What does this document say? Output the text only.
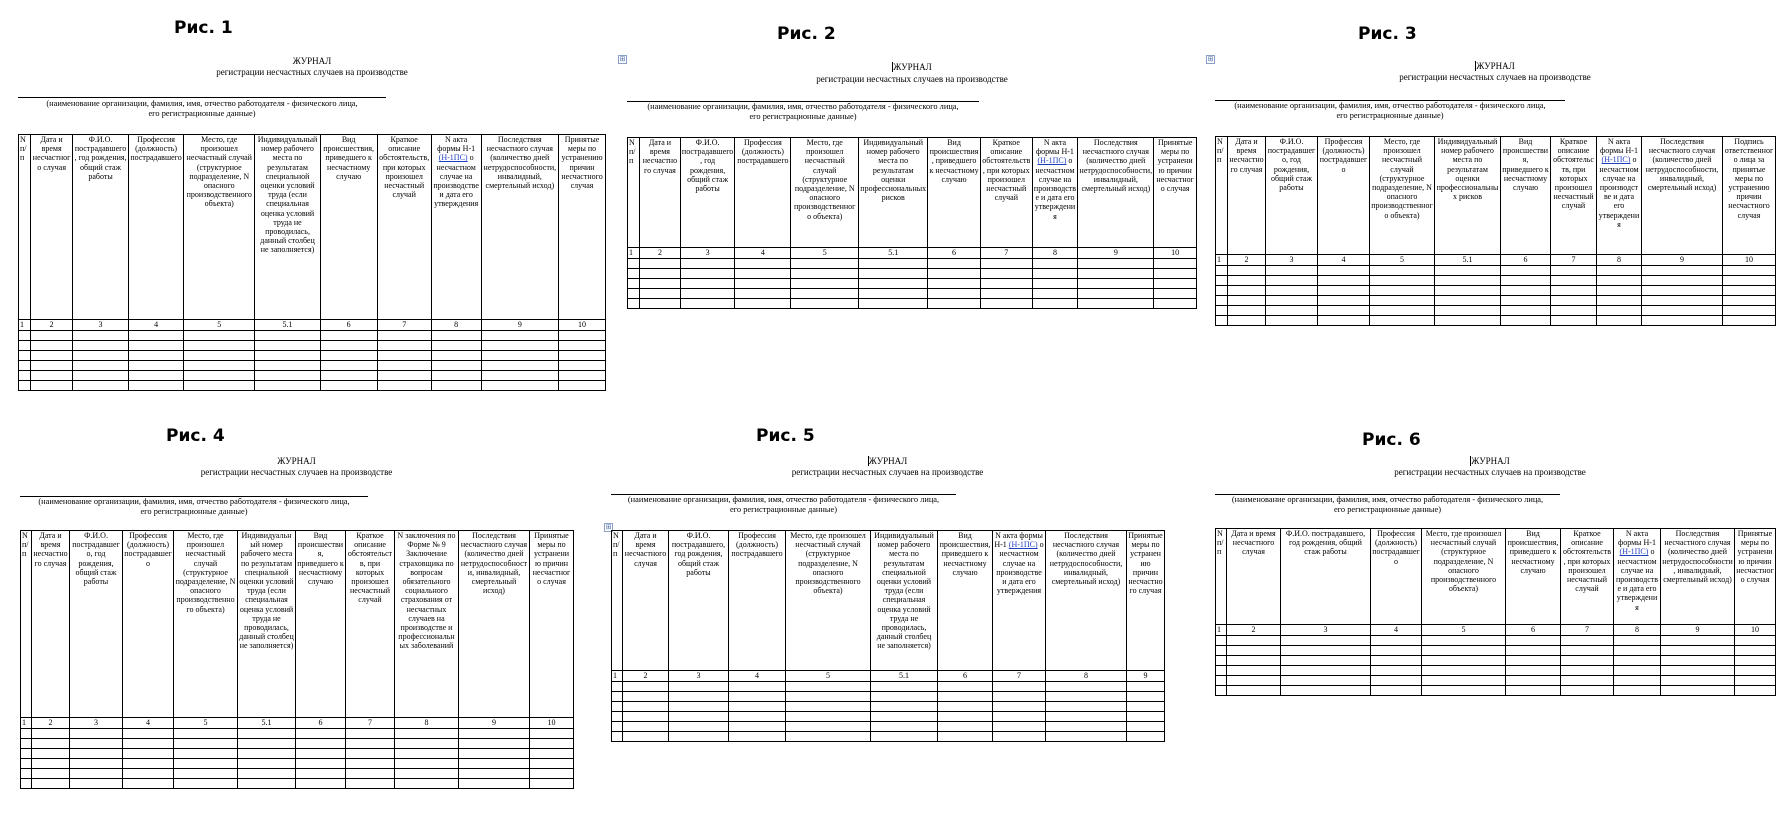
Рис. 1
ЖУРНАЛ
регистрации несчастных случаев на производстве
(наименование организации, фамилия, имя, отчество работодателя - физического лица,
его регистрационные данные)
N п/п	Дата и время несчастного случая	Ф.И.О. пострадавшего, год рождения, общий стаж работы	Профессия (должность) пострадавшего	Место, где произошел несчастный случай (структурное подразделение, N опасного производственного объекта)	Индивидуальный номер рабочего места по результатам специальной оценки условий труда (если специальная оценка условий труда не проводилась, данный столбец не заполняется)	Вид происшествия, приведшего к несчастному случаю	Краткое описание обстоятельств, при которых произошел несчастный случай	N акта формы Н-1 (Н-1ПС) о несчастном случае на производстве и дата его утверждения	Последствия несчастного случая (количество дней нетрудоспособности, инвалидный, смертельный исход)	Принятые меры по устранению причин несчастного случая
1	2	3	4	5	5.1	6	7	8	9	10

Рис. 2
⊞
ЖУРНАЛ
регистрации несчастных случаев на производстве
(наименование организации, фамилия, имя, отчество работодателя - физического лица,
его регистрационные данные)
N п/п	Дата и время несчастного случая	Ф.И.О. пострадавшего, год рождения, общий стаж работы	Профессия (должность) пострадавшего	Место, где произошел несчастный случай (структурное подразделение, N опасного производственного объекта)	Индивидуальный номер рабочего места по результатам оценки профессиональных рисков	Вид происшествия, приведшего к несчастному случаю	Краткое описание обстоятельств, при которых произошел несчастный случай	N акта формы Н-1 (Н-1ПС) о несчастном случае на производстве и дата его утверждения	Последствия несчастного случая (количество дней нетрудоспособности, инвалидный, смертельный исход)	Принятые меры по устранению причин несчастного случая
1	2	3	4	5	5.1	6	7	8	9	10

Рис. 3
⊞
ЖУРНАЛ
регистрации несчастных случаев на производстве
(наименование организации, фамилия, имя, отчество работодателя - физического лица,
его регистрационные данные)
N п/п	Дата и время несчастного случая	Ф.И.О. пострадавшего, год рождения, общий стаж работы	Профессия (должность) пострадавшего	Место, где произошел несчастный случай (структурное подразделение, N опасного производственного объекта)	Индивидуальный номер рабочего места по результатам оценки профессиональных рисков	Вид происшествия, приведшего к несчастному случаю	Краткое описание обстоятельств, при которых произошел несчастный случай	N акта формы Н-1 (Н-1ПС) о несчастном случае на производстве и дата его утверждения	Последствия несчастного случая (количество дней нетрудоспособности, инвалидный, смертельный исход)	Подпись ответственного лица за принятые меры по устранению причин несчастного случая
1	2	3	4	5	5.1	6	7	8	9	10

Рис. 4
ЖУРНАЛ
регистрации несчастных случаев на производстве
(наименование организации, фамилия, имя, отчество работодателя - физического лица,
его регистрационные данные)
N п/п	Дата и время несчастного случая	Ф.И.О. пострадавшего, год рождения, общий стаж работы	Профессия (должность) пострадавшего	Место, где произошел несчастный случай (структурное подразделение, N опасного производственного объекта)	Индивидуальный номер рабочего места по результатам специальной оценки условий труда (если специальная оценка условий труда не проводилась, данный столбец не заполняется)	Вид происшествия, приведшего к несчастному случаю	Краткое описание обстоятельств, при которых произошел несчастный случай	N заключения по Форме № 9 Заключение страховщика по вопросам обязательного социального страхования от несчастных случаев на производстве и профессиональных заболеваний	Последствия несчастного случая (количество дней нетрудоспособности, инвалидный, смертельный исход)	Принятые меры по устранению причин несчастного случая
1	2	3	4	5	5.1	6	7	8	9	10

Рис. 5
ЖУРНАЛ
регистрации несчастных случаев на производстве
(наименование организации, фамилия, имя, отчество работодателя - физического лица,
его регистрационные данные)
⊞
N п/п	Дата и время несчастного случая	Ф.И.О. пострадавшего, год рождения, общий стаж работы	Профессия (должность) пострадавшего	Место, где произошел несчастный случай (структурное подразделение, N опасного производственного объекта)	Индивидуальный номер рабочего места по результатам специальной оценки условий труда (если специальная оценка условий труда не проводилась, данный столбец не заполняется)	Вид происшествия, приведшего к несчастному случаю	N акта формы Н-1 (Н-1ПС) о несчастном случае на производстве и дата его утверждения	Последствия несчастного случая (количество дней нетрудоспособности, инвалидный, смертельный исход)	Принятые меры по устранению причин несчастного случая
1	2	3	4	5	5.1	6	7	8	9

Рис. 6
ЖУРНАЛ
регистрации несчастных случаев на производстве
(наименование организации, фамилия, имя, отчество работодателя - физического лица,
его регистрационные данные)
N п/п	Дата и время несчастного случая	Ф.И.О. пострадавшего, год рождения, общий стаж работы	Профессия (должность) пострадавшего	Место, где произошел несчастный случай (структурное подразделение, N опасного производственного объекта)	Вид происшествия, приведшего к несчастному случаю	Краткое описание обстоятельств, при которых произошел несчастный случай	N акта формы Н-1 (Н-1ПС) о несчастном случае на производстве и дата его утверждения	Последствия несчастного случая (количество дней нетрудоспособности, инвалидный, смертельный исход)	Принятые меры по устранению причин несчастного случая
1	2	3	4	5	6	7	8	9	10
